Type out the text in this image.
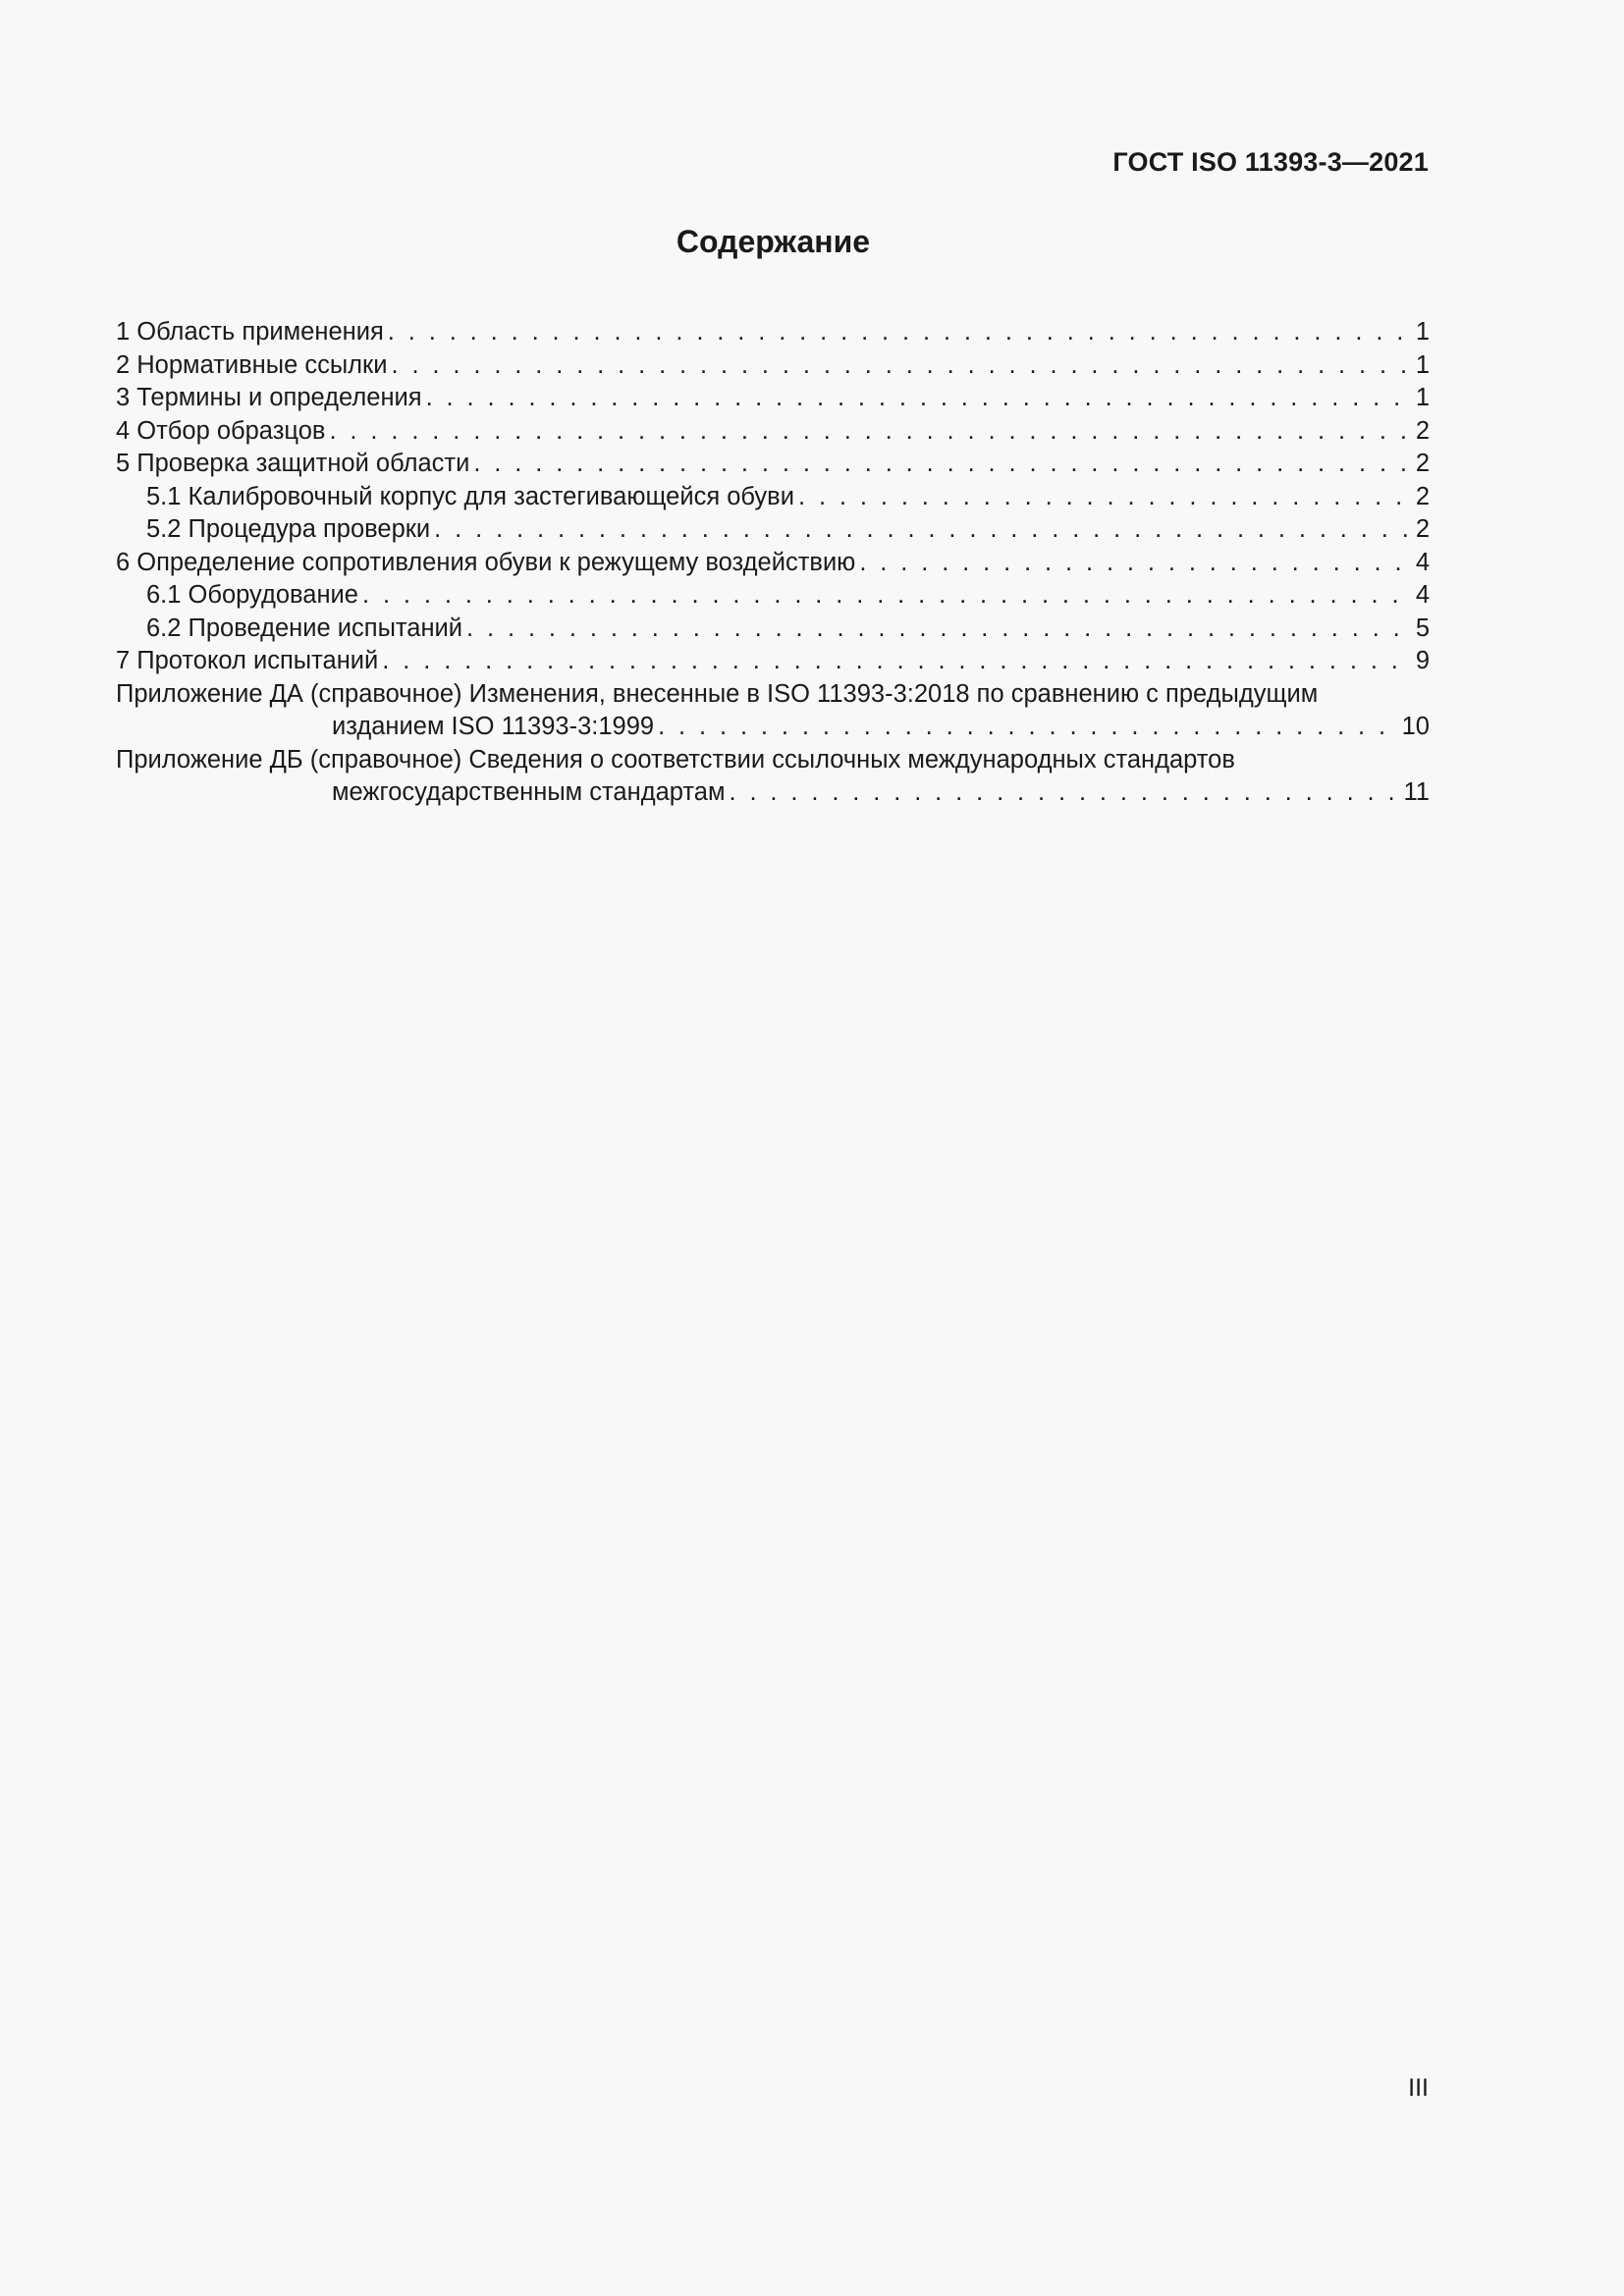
ГОСТ ISO 11393-3—2021
Содержание
1 Область применения . . .	1
2 Нормативные ссылки . . .	1
3 Термины и определения . . .	1
4 Отбор образцов . . .	2
5 Проверка защитной области . . .	2
5.1 Калибровочный корпус для застегивающейся обуви . . .	2
5.2 Процедура проверки . . .	2
6 Определение сопротивления обуви к режущему воздействию . . .	4
6.1 Оборудование . . .	4
6.2 Проведение испытаний . . .	5
7 Протокол испытаний . . .	9
Приложение ДА (справочное) Изменения, внесенные в ISO 11393-3:2018 по сравнению с предыдущим
изданием ISO 11393-3:1999 . . .	10
Приложение ДБ (справочное) Сведения о соответствии ссылочных международных стандартов
межгосударственным стандартам . . .	11
III
